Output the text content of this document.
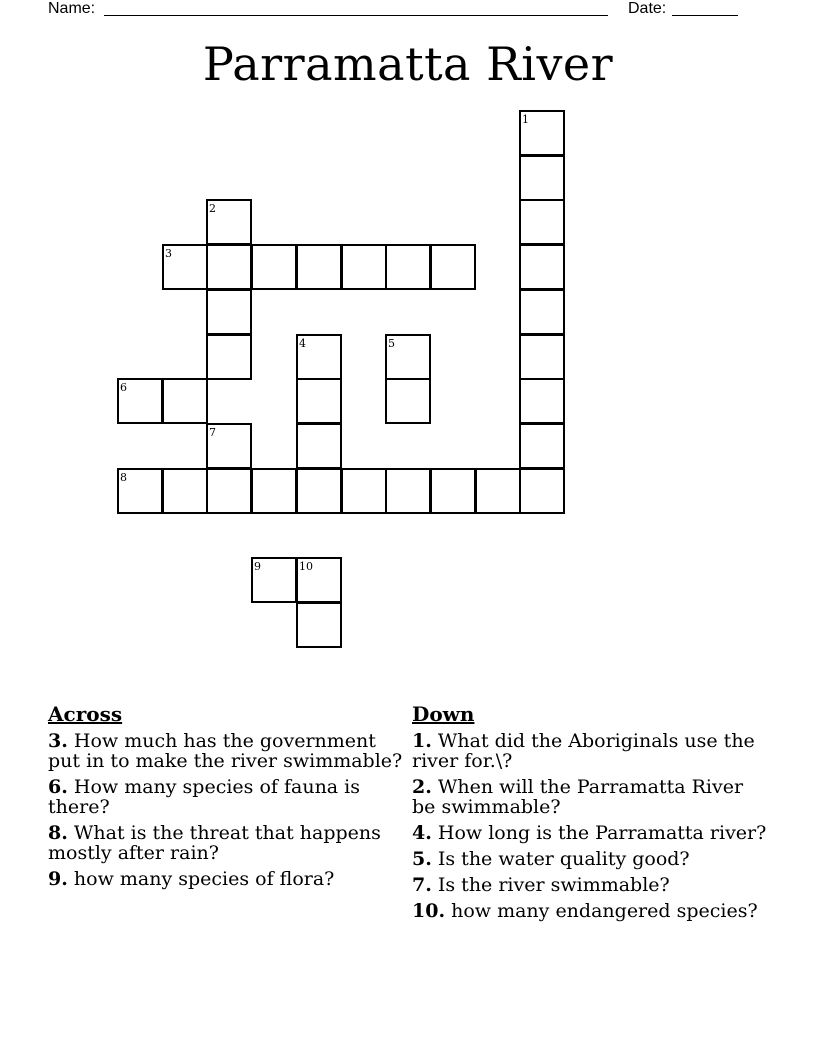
Name:	Date:
Parramatta River
1
2
3
4	5
6
7
8
9	10
Across
3. How much has the government put in to make the river swimmable?
6. How many species of fauna is there?
8. What is the threat that happens mostly after rain?
9. how many species of flora?
Down
1. What did the Aboriginals use the river for.\?
2. When will the Parramatta River be swimmable?
4. How long is the Parramatta river?
5. Is the water quality good?
7. Is the river swimmable?
10. how many endangered species?
